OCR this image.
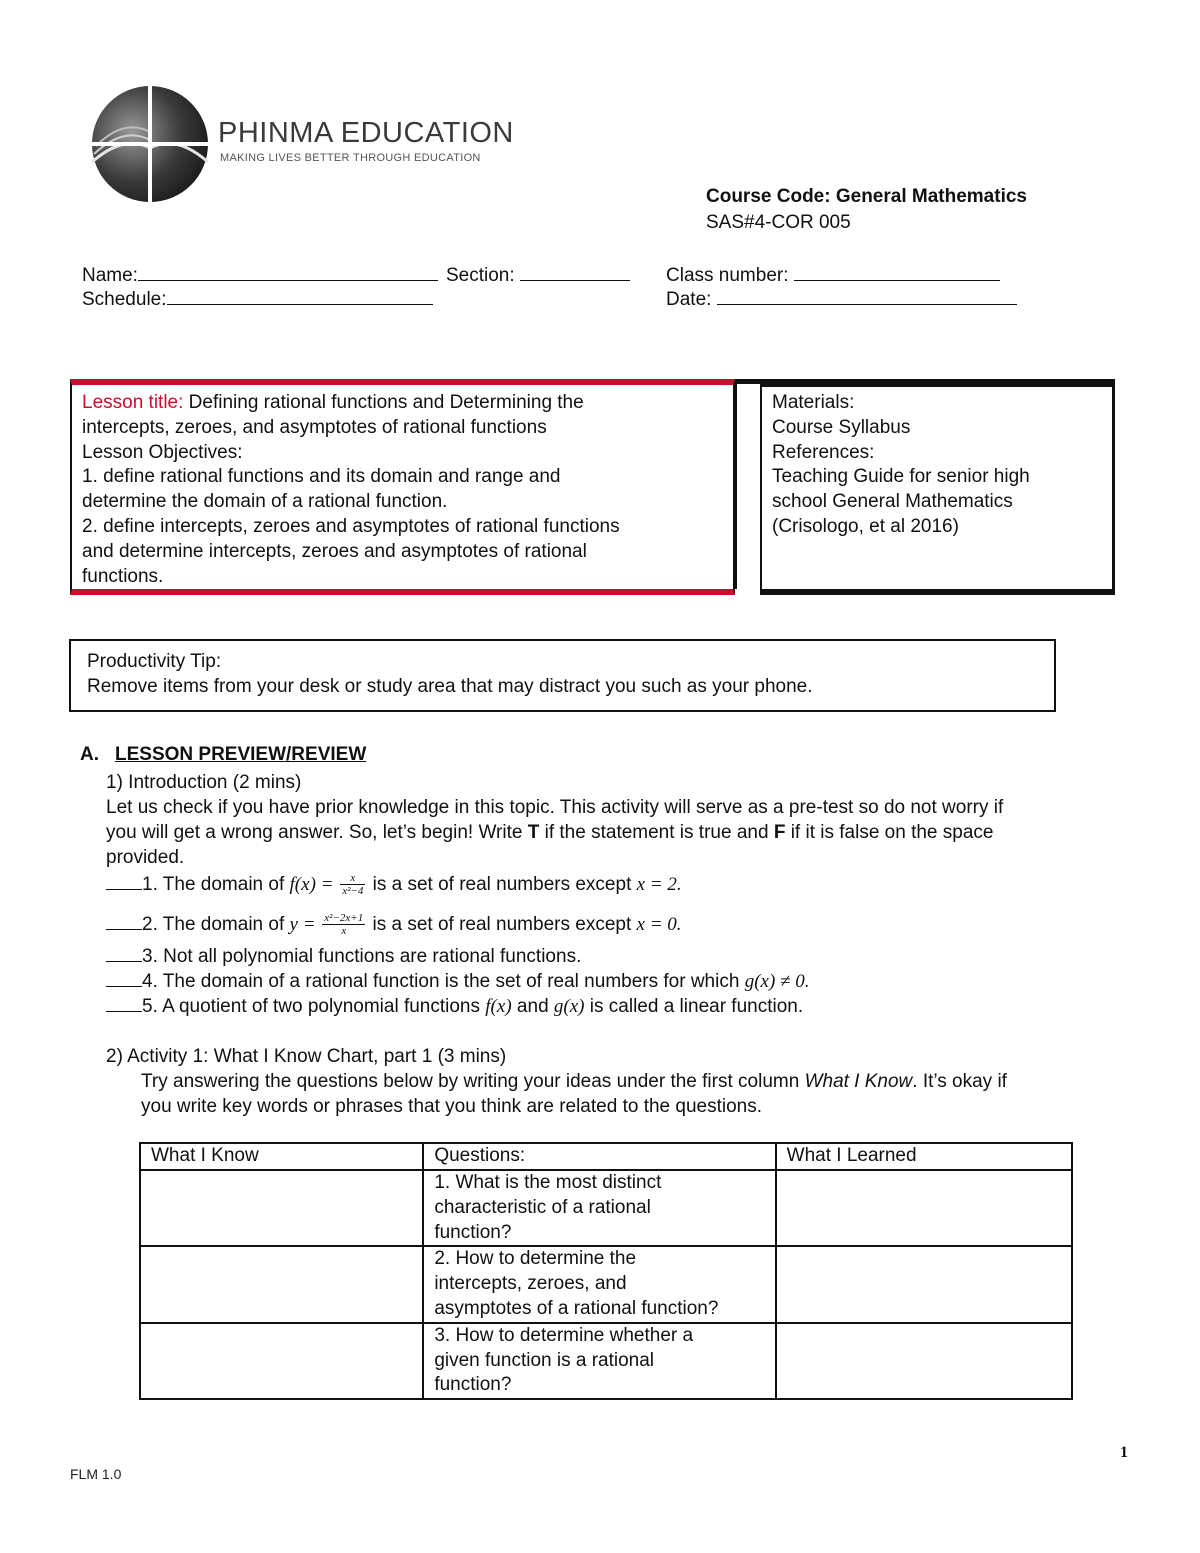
PHINMA EDUCATION
MAKING LIVES BETTER THROUGH EDUCATION
Course Code: General Mathematics
SAS#4-COR 005
Name:	Section:	Class number:
Schedule:	Date:
Lesson title: Defining rational functions and Determining the
intercepts, zeroes, and asymptotes of rational functions
Lesson Objectives:
1. define rational functions and its domain and range and
determine the domain of a rational function.
2. define intercepts, zeroes and asymptotes of rational functions
and determine intercepts, zeroes and asymptotes of rational
functions.
Materials:
Course Syllabus
References:
Teaching Guide for senior high
school General Mathematics
(Crisologo, et al 2016)
Productivity Tip:
Remove items from your desk or study area that may distract you such as your phone.
A. LESSON PREVIEW/REVIEW
1) Introduction (2 mins)
Let us check if you have prior knowledge in this topic. This activity will serve as a pre-test so do not worry if
you will get a wrong answer. So, let’s begin! Write T if the statement is true and F if it is false on the space
provided.
1. The domain of $f(x) = \frac{x}{\text{x²−4}}$ is a set of real numbers except x = 2.
2. The domain of $y = \frac{\text{x²−2x+1}}{x}$ is a set of real numbers except x = 0.
3. Not all polynomial functions are rational functions.
4. The domain of a rational function is the set of real numbers for which g(x) ≠ 0.
5. A quotient of two polynomial functions f(x) and g(x) is called a linear function.
2) Activity 1: What I Know Chart, part 1 (3 mins)
Try answering the questions below by writing your ideas under the first column What I Know. It’s okay if
you write key words or phrases that you think are related to the questions.
What I Know	Questions:	What I Learned

	1. What is the most distinct
characteristic of a rational
function?	

	2. How to determine the
intercepts, zeroes, and
asymptotes of a rational function?	

	3. How to determine whether a
given function is a rational
function?	

1
FLM 1.0
